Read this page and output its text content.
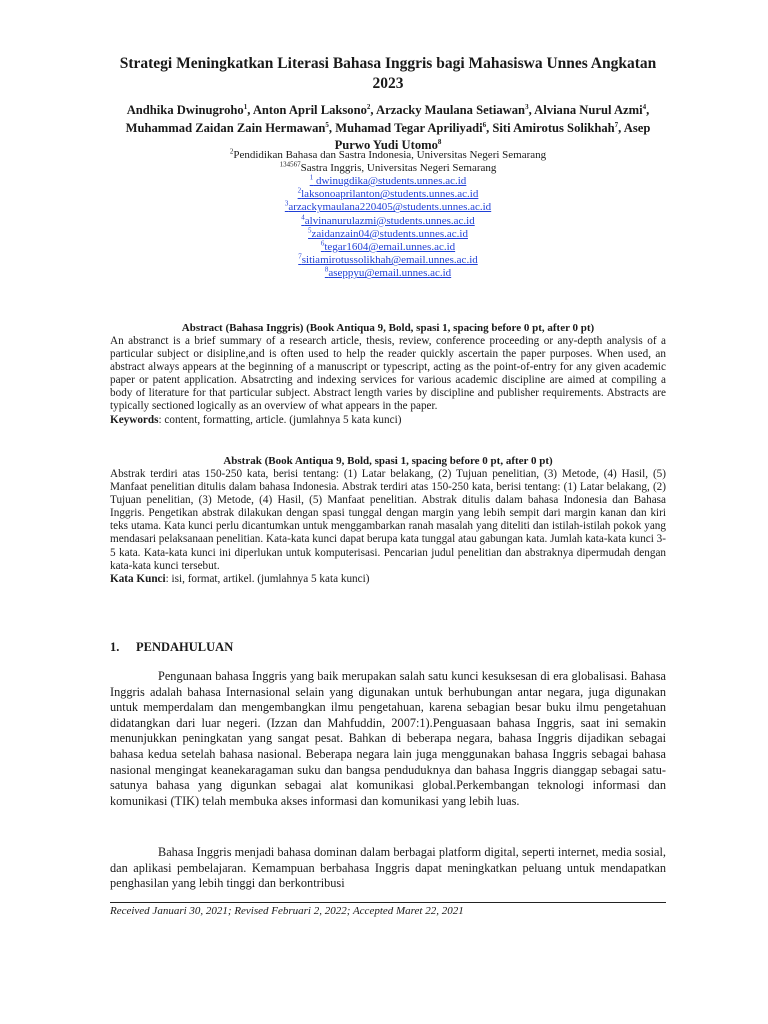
Strategi Meningkatkan Literasi Bahasa Inggris bagi Mahasiswa Unnes Angkatan 2023
Andhika Dwinugroho$^1$, Anton April Laksono$^2$, Arzacky Maulana Setiawan$^3$, Alviana Nurul Azmi$^4$, Muhammad Zaidan Zain Hermawan$^5$, Muhamad Tegar Apriliyadi$^6$, Siti Amirotus Solikhah$^7$, Asep Purwo Yudi Utomo$^8$
$^2$Pendidikan Bahasa dan Sastra Indonesia, Universitas Negeri Semarang
$^{134567}$Sastra Inggris, Universitas Negeri Semarang
$^1$ dwinugdika@students.unnes.ac.id
$^2$laksonoaprilanton@students.unnes.ac.id
$^3$arzackymaulana220405@students.unnes.ac.id
$^4$alvinanurulazmi@students.unnes.ac.id
$^5$zaidanzain04@students.unnes.ac.id
$^6$tegar1604@email.unnes.ac.id
$^7$sitiamirotussolikhah@email.unnes.ac.id
$^8$aseppyu@email.unnes.ac.id
Abstract (Bahasa Inggris) (Book Antiqua 9, Bold, spasi 1, spacing before 0 pt, after 0 pt)
An abstranct is a brief summary of a research article, thesis, review, conference proceeding or any-depth analysis of a particular subject or disipline,and is often used to help the reader quickly ascertain the paper purposes. When used, an abstract always appears at the beginning of a manuscript or typescript, acting as the point-of-entry for any given academic paper or patent application. Absatrcting and indexing services for various academic discipline are aimed at compiling a body of literature for that particular subject. Abstract length varies by discipline and publisher requirements. Abstracts are typically sectioned logically as an overview of what appears in the paper.
Keywords: content, formatting, article. (jumlahnya 5 kata kunci)
Abstrak (Book Antiqua 9, Bold, spasi 1, spacing before 0 pt, after 0 pt)
Abstrak terdiri atas 150-250 kata, berisi tentang: (1) Latar belakang, (2) Tujuan penelitian, (3) Metode, (4) Hasil, (5) Manfaat penelitian ditulis dalam bahasa Indonesia. Abstrak terdiri atas 150-250 kata, berisi tentang: (1) Latar belakang, (2) Tujuan penelitian, (3) Metode, (4) Hasil, (5) Manfaat penelitian. Abstrak ditulis dalam bahasa Indonesia dan Bahasa Inggris. Pengetikan abstrak dilakukan dengan spasi tunggal dengan margin yang lebih sempit dari margin kanan dan kiri teks utama. Kata kunci perlu dicantumkan untuk menggambarkan ranah masalah yang diteliti dan istilah-istilah pokok yang mendasari pelaksanaan penelitian. Kata-kata kunci dapat berupa kata tunggal atau gabungan kata. Jumlah kata-kata kunci 3-5 kata. Kata-kata kunci ini diperlukan untuk komputerisasi. Pencarian judul penelitian dan abstraknya dipermudah dengan kata-kata kunci tersebut.
Kata Kunci: isi, format, artikel. (jumlahnya 5 kata kunci)
1. PENDAHULUAN

Pengunaan bahasa Inggris yang baik merupakan salah satu kunci kesuksesan di era globalisasi. Bahasa Inggris adalah bahasa Internasional selain yang digunakan untuk berhubungan antar negara, juga digunakan untuk memperdalam dan mengembangkan ilmu pengetahuan, karena sebagian besar buku ilmu pengetahuan didatangkan dari luar negeri. (Izzan dan Mahfuddin, 2007:1).Penguasaan bahasa Inggris, saat ini semakin menunjukkan peningkatan yang sangat pesat. Bahkan di beberapa negara, bahasa Inggris dijadikan sebagai bahasa kedua setelah bahasa nasional. Beberapa negara lain juga menggunakan bahasa Inggris sebagai bahasa nasional mengingat keanekaragaman suku dan bangsa penduduknya dan bahasa Inggris dianggap sebagai satu-satunya bahasa yang digunkan sebagai alat komunikasi global.Perkembangan teknologi informasi dan komunikasi (TIK) telah membuka akses informasi dan komunikasi yang lebih luas.

Bahasa Inggris menjadi bahasa dominan dalam berbagai platform digital, seperti internet, media sosial, dan aplikasi pembelajaran. Kemampuan berbahasa Inggris dapat meningkatkan peluang untuk mendapatkan penghasilan yang lebih tinggi dan berkontribusi

Received Januari 30, 2021; Revised Februari 2, 2022; Accepted Maret 22, 2021
